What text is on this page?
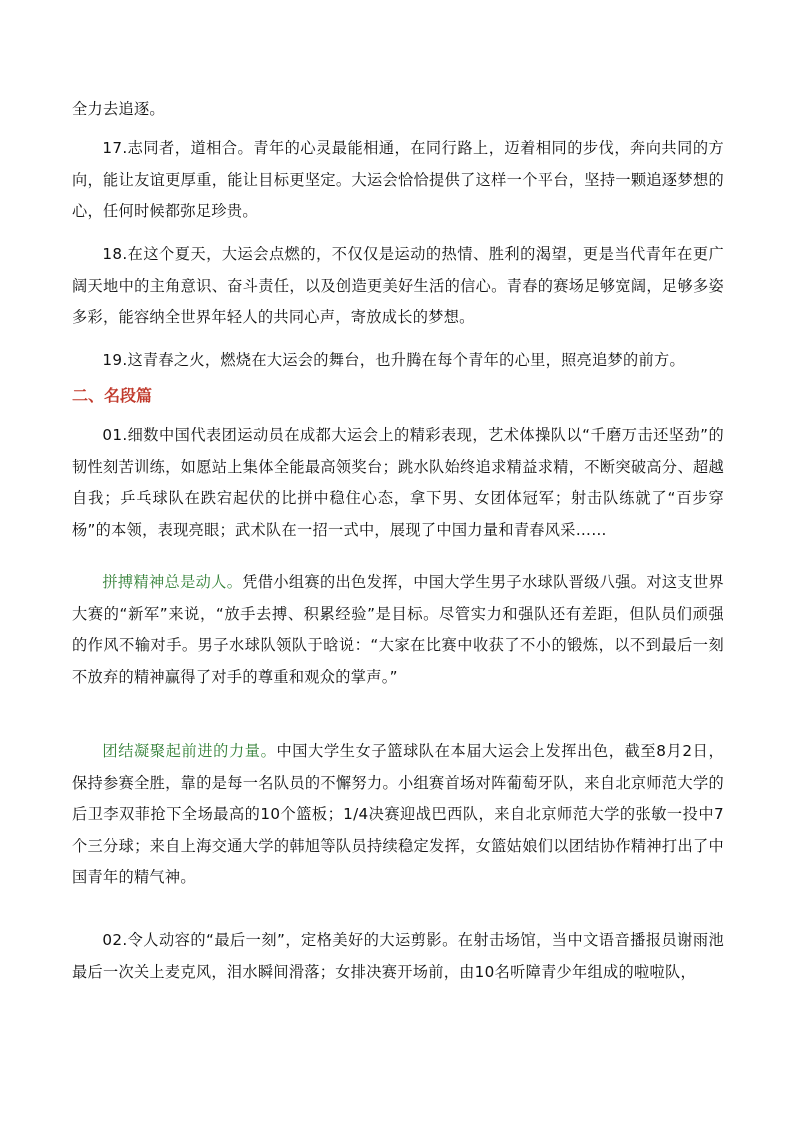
全力去追逐。

17.志同者，道相合。青年的心灵最能相通，在同行路上，迈着相同的步伐，奔向共同的方向，能让友谊更厚重，能让目标更坚定。大运会恰恰提供了这样一个平台，坚持一颗追逐梦想的心，任何时候都弥足珍贵。

18.在这个夏天，大运会点燃的，不仅仅是运动的热情、胜利的渴望，更是当代青年在更广阔天地中的主角意识、奋斗责任，以及创造更美好生活的信心。青春的赛场足够宽阔，足够多姿多彩，能容纳全世界年轻人的共同心声，寄放成长的梦想。

19.这青春之火，燃烧在大运会的舞台，也升腾在每个青年的心里，照亮追梦的前方。

二、名段篇

01.细数中国代表团运动员在成都大运会上的精彩表现，艺术体操队以“千磨万击还坚劲”的韧性刻苦训练，如愿站上集体全能最高领奖台；跳水队始终追求精益求精，不断突破高分、超越自我；乒乓球队在跌宕起伏的比拼中稳住心态，拿下男、女团体冠军；射击队练就了“百步穿杨”的本领，表现亮眼；武术队在一招一式中，展现了中国力量和青春风采……

拼搏精神总是动人。凭借小组赛的出色发挥，中国大学生男子水球队晋级八强。对这支世界大赛的“新军”来说，“放手去搏、积累经验”是目标。尽管实力和强队还有差距，但队员们顽强的作风不输对手。男子水球队领队于晗说：“大家在比赛中收获了不小的锻炼，以不到最后一刻不放弃的精神赢得了对手的尊重和观众的掌声。”

团结凝聚起前进的力量。中国大学生女子篮球队在本届大运会上发挥出色，截至8月2日，保持参赛全胜，靠的是每一名队员的不懈努力。小组赛首场对阵葡萄牙队，来自北京师范大学的后卫李双菲抢下全场最高的10个篮板；1/4决赛迎战巴西队，来自北京师范大学的张敏一投中7个三分球；来自上海交通大学的韩旭等队员持续稳定发挥，女篮姑娘们以团结协作精神打出了中国青年的精气神。

02.令人动容的“最后一刻”，定格美好的大运剪影。在射击场馆，当中文语音播报员谢雨池最后一次关上麦克风，泪水瞬间滑落；女排决赛开场前，由10名听障青少年组成的啦啦队，
